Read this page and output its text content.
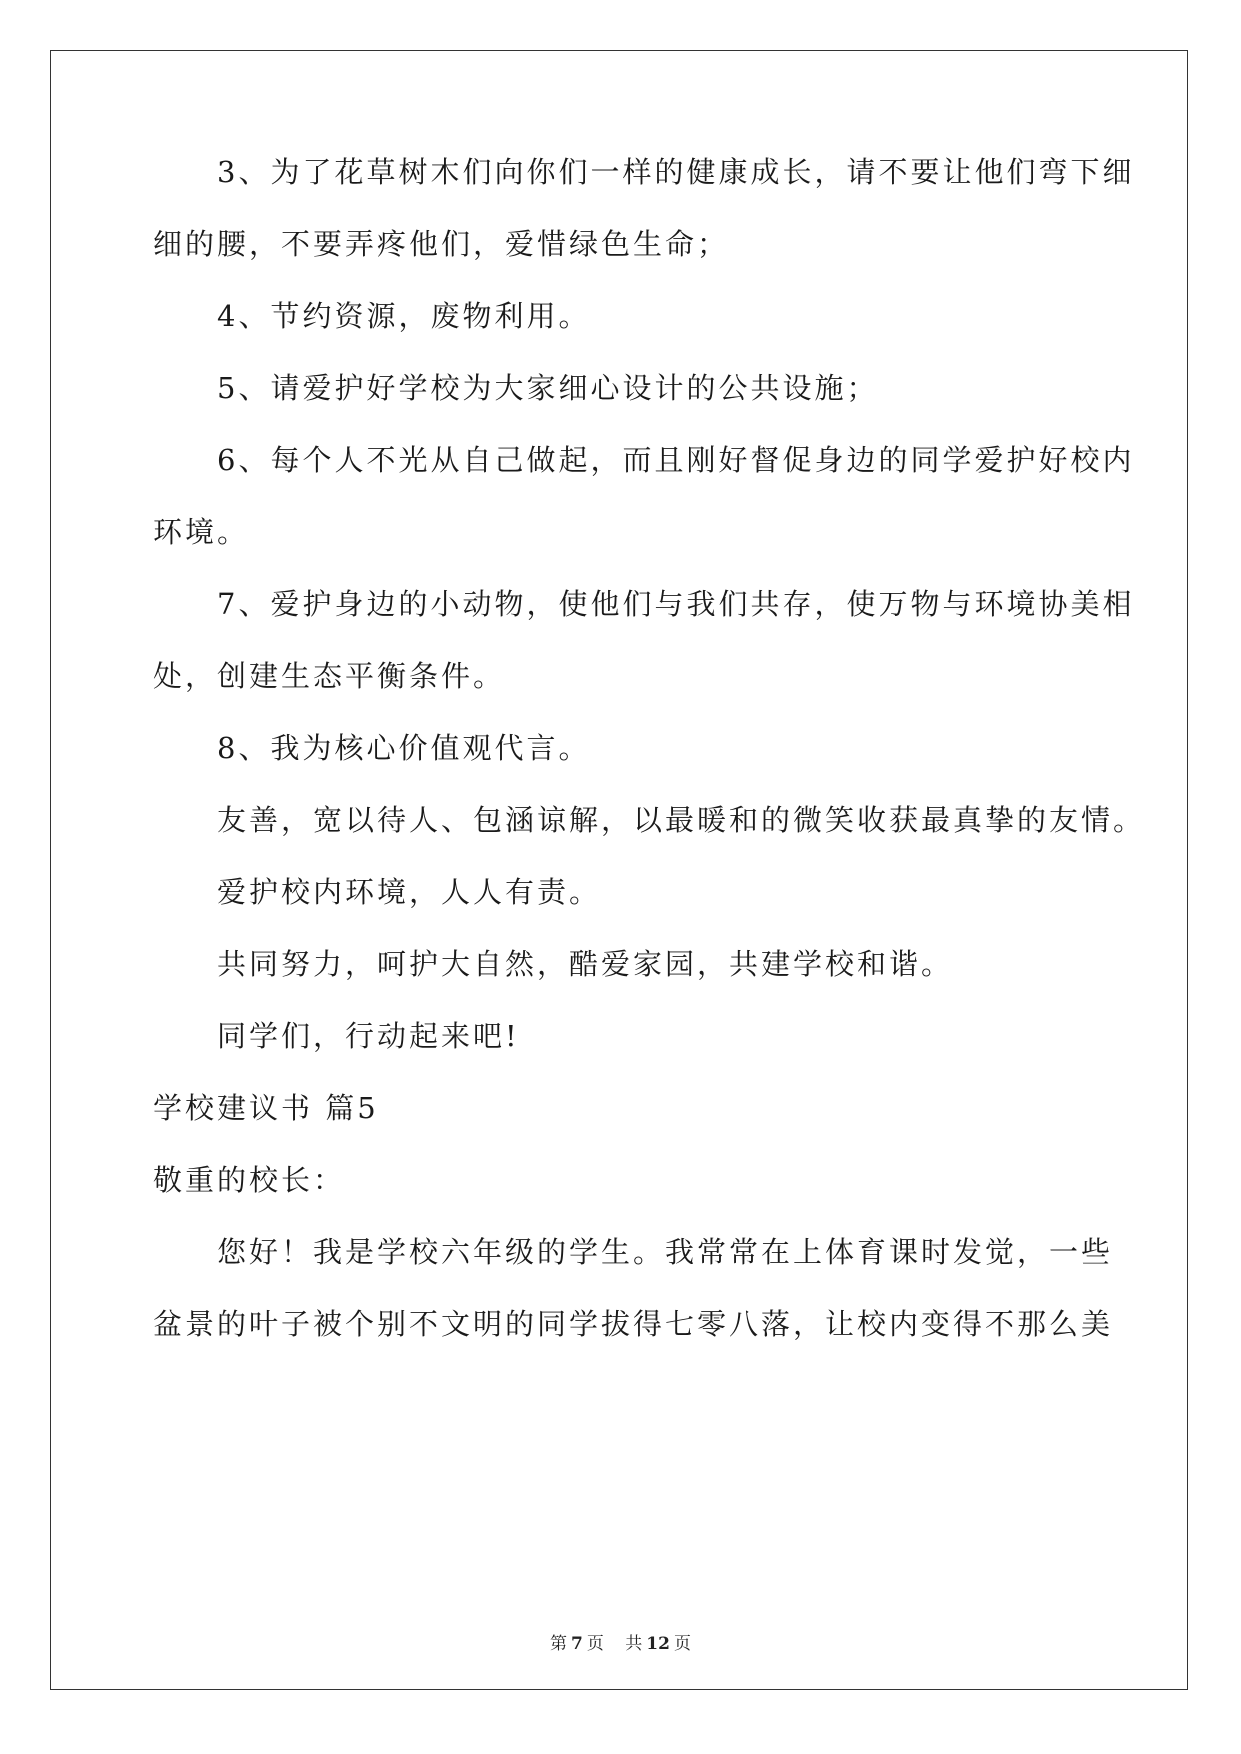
3、为了花草树木们向你们一样的健康成长，请不要让他们弯下细
细的腰，不要弄疼他们，爱惜绿色生命；
4、节约资源，废物利用。
5、请爱护好学校为大家细心设计的公共设施；
6、每个人不光从自己做起，而且刚好督促身边的同学爱护好校内
环境。
7、爱护身边的小动物，使他们与我们共存，使万物与环境协美相
处，创建生态平衡条件。
8、我为核心价值观代言。
友善，宽以待人、包涵谅解，以最暖和的微笑收获最真挚的友情。
爱护校内环境，人人有责。
共同努力，呵护大自然，酷爱家园，共建学校和谐。
同学们，行动起来吧!
学校建议书 篇5
敬重的校长：
您好！我是学校六年级的学生。我常常在上体育课时发觉，一些
盆景的叶子被个别不文明的同学拔得七零八落，让校内变得不那么美
第 7 页 共 12 页
